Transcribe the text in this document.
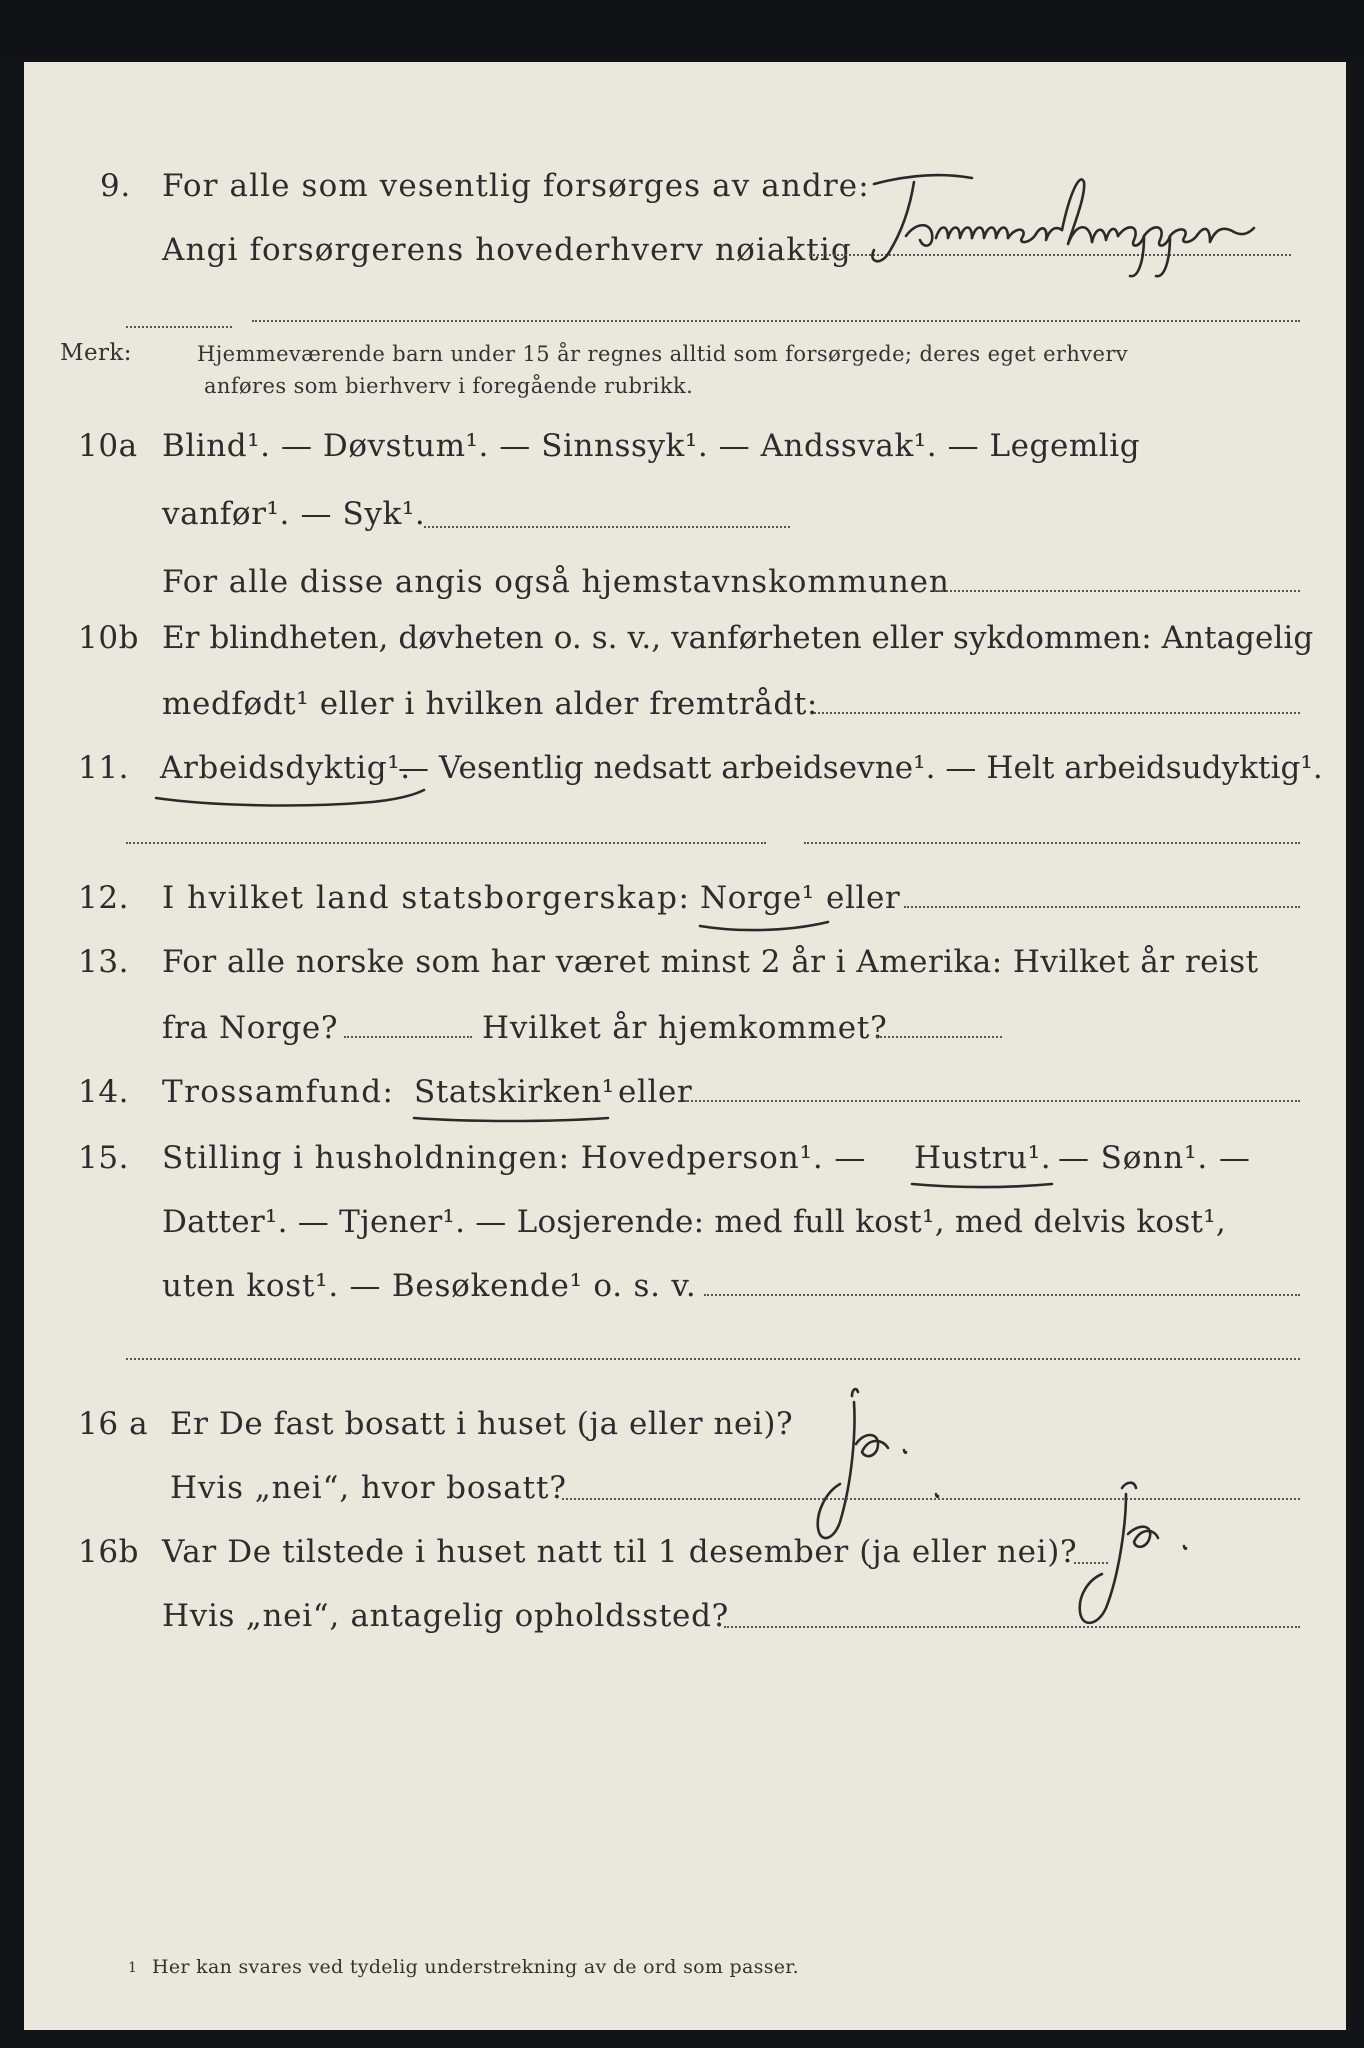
9. For alle som vesentlig forsørges av andre:
Angi forsørgerens hovederhverv nøiaktig
Merk:	Hjemmeværende barn under 15 år regnes alltid som forsørgede; deres eget erhverv
anføres som bierhverv i foregående rubrikk.
10a Blind¹. — Døvstum¹. — Sinnssyk¹. — Andssvak¹. — Legemlig
vanfør¹. — Syk¹.
For alle disse angis også hjemstavnskommunen
10b Er blindheten, døvheten o. s. v., vanførheten eller sykdommen: Antagelig
medfødt¹ eller i hvilken alder fremtrådt:
11. Arbeidsdyktig¹.
— Vesentlig nedsatt arbeidsevne¹. — Helt arbeidsudyktig¹.
12. I hvilket land statsborgerskap: Norge¹ eller
13. For alle norske som har været minst 2 år i Amerika: Hvilket år reist
fra Norge?	Hvilket år hjemkommet?
14. Trossamfund: Statskirken¹ eller
15. Stilling i husholdningen: Hovedperson¹. — Hustru¹. — Sønn¹. —
Datter¹. — Tjener¹. — Losjerende: med full kost¹, med delvis kost¹,
uten kost¹. — Besøkende¹ o. s. v.
16 a Er De fast bosatt i huset (ja eller nei)?
Hvis „nei“, hvor bosatt?
16b Var De tilstede i huset natt til 1 desember (ja eller nei)?
Hvis „nei“, antagelig opholdssted?
1 Her kan svares ved tydelig understrekning av de ord som passer.
